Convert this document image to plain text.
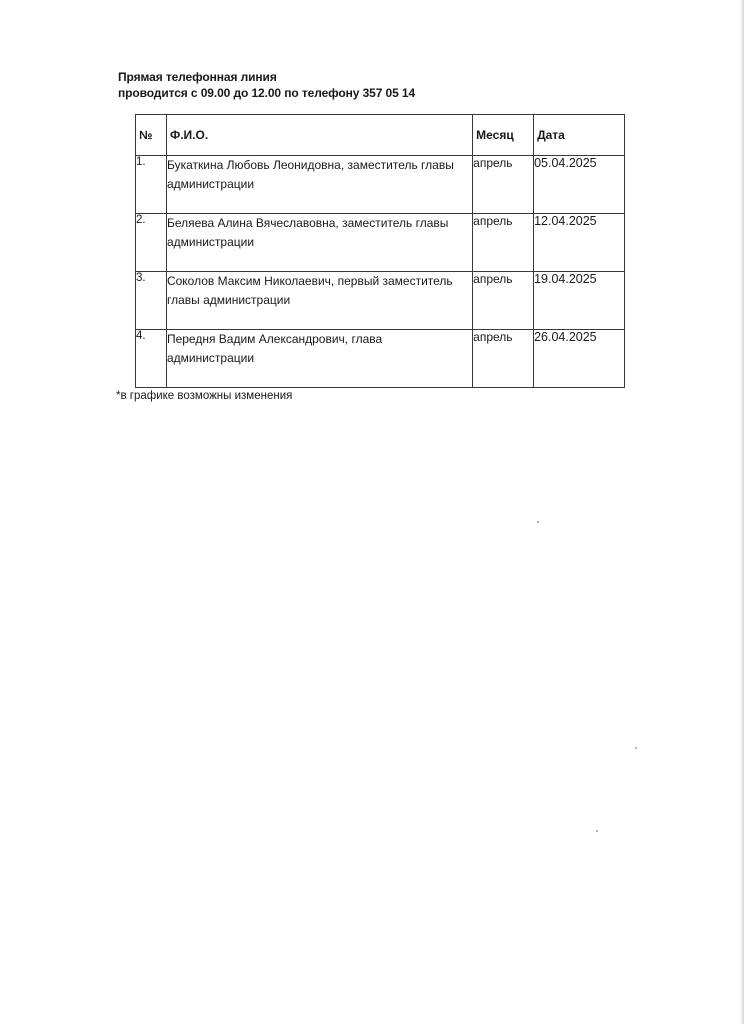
Прямая телефонная линия
проводится с 09.00 до 12.00 по телефону 357 05 14
№	Ф.И.О.	Месяц	Дата
1.	Букаткина Любовь Леонидовна, заместитель главы администрации	апрель	05.04.2025
2.	Беляева Алина Вячеславовна, заместитель главы администрации	апрель	12.04.2025
3.	Соколов Максим Николаевич, первый заместитель главы администрации	апрель	19.04.2025
4.	Передня Вадим Александрович, глава администрации	апрель	26.04.2025
*в графике возможны изменения
